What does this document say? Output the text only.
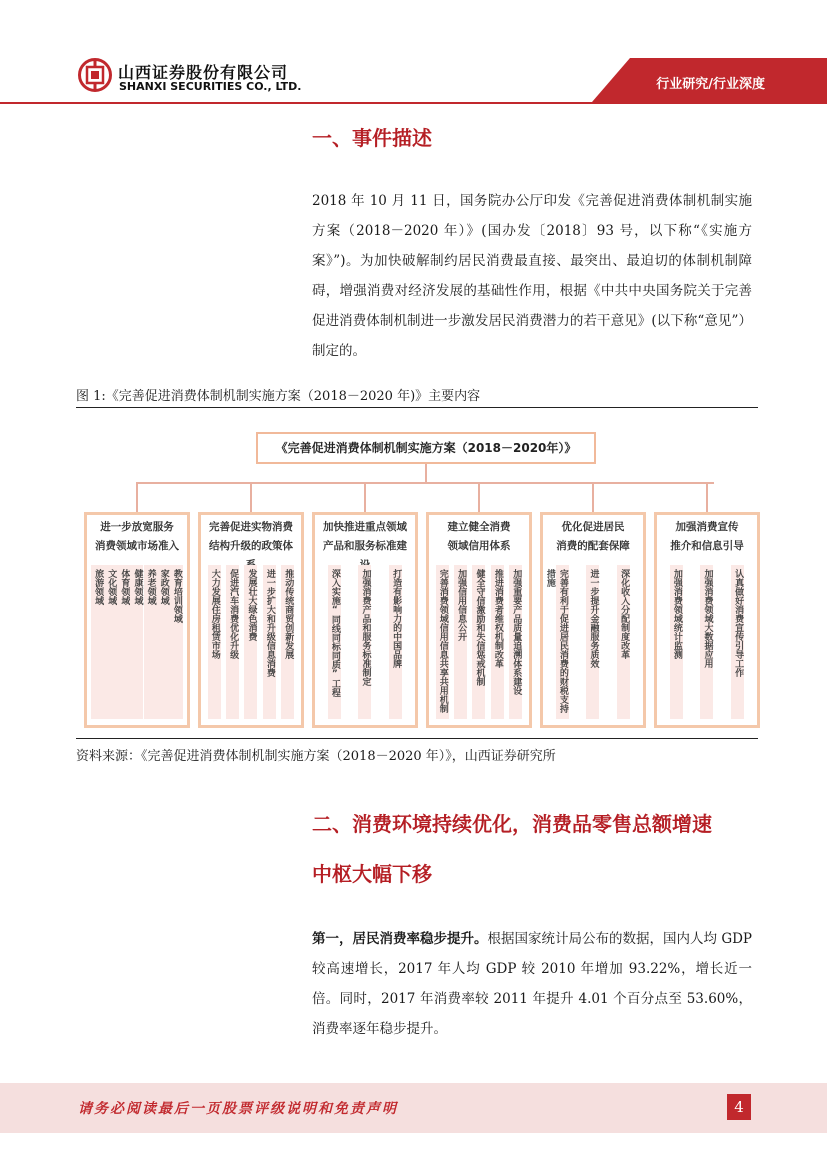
山西证券股份有限公司
SHANXI SECURITIES CO., LTD.	行业研究/行业深度
一、事件描述

2018 年 10 月 11 日，国务院办公厅印发《完善促进消费体制机制实施方案（2018－2020 年）》(国办发〔2018〕93 号，以下称“《实施方案》”)。为加快破解制约居民消费最直接、最突出、最迫切的体制机制障碍，增强消费对经济发展的基础性作用，根据《中共中央国务院关于完善促进消费体制机制进一步激发居民消费潜力的若干意见》(以下称“意见”）制定的。

图 1:《完善促进消费体制机制实施方案（2018－2020 年)》主要内容
《完善促进消费体制机制实施方案（2018－2020年）》
进一步放宽服务
消费领域市场准入
旅游领域 文化领域 体育领域 健康领域 养老领域 家政领域 教育培训领域
完善促进实物消费
结构升级的政策体
大力发展住房租赁市场 促进汽车消费优化升级 发展壮大绿色消费 进一步扩大和升级信息消费 推动传统商贸创新发展
加快推进重点领域
产品和服务标准建
深入实施“同线同标同质”工程 加强消费产品和服务标准制定 打造有影响力的中国品牌
建立健全消费
领域信用体系
完善消费领域信用信息共享共用机制 加强信用信息公开 健全守信激励和失信惩戒机制 推进消费者维权机制改革 加强重要产品质量追溯体系建设
优化促进居民
消费的配套保障
完善有利于促进居民消费的财税支持措施	进一步提升金融服务质效 深化收入分配制度改革
加强消费宣传
推介和信息引导
加强消费领域统计监测 加强消费领域大数据应用 认真做好消费宣传引导工作
资料来源：《完善促进消费体制机制实施方案（2018－2020 年）》，山西证券研究所
二、消费环境持续优化，消费品零售总额增速
中枢大幅下移

第一，居民消费率稳步提升。根据国家统计局公布的数据，国内人均 GDP 较高速增长，2017 年人均 GDP 较 2010 年增加 93.22%，增长近一倍。同时，2017 年消费率较 2011 年提升 4.01 个百分点至 53.60%，消费率逐年稳步提升。

请务必阅读最后一页股票评级说明和免责声明	4
